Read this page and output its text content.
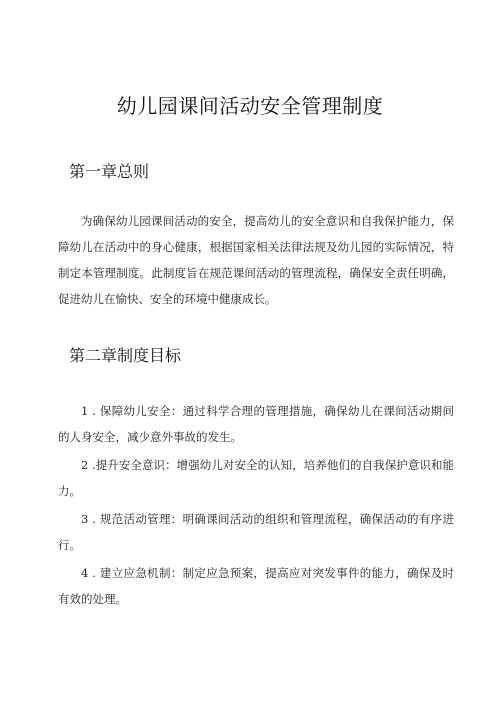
幼儿园课间活动安全管理制度
第一章总则

为确保幼儿园课间活动的安全，提高幼儿的安全意识和自我保护能力，保障幼儿在活动中的身心健康，根据国家相关法律法规及幼儿园的实际情况，特制定本管理制度。此制度旨在规范课间活动的管理流程，确保安全责任明确，促进幼儿在愉快、安全的环境中健康成长。

第二章制度目标

1 . 保障幼儿安全：通过科学合理的管理措施，确保幼儿在课间活动期间的人身安全，减少意外事故的发生。

2 .提升安全意识：增强幼儿对安全的认知，培养他们的自我保护意识和能力。

3 . 规范活动管理：明确课间活动的组织和管理流程，确保活动的有序进行。

4 . 建立应急机制：制定应急预案，提高应对突发事件的能力，确保及时有效的处理。
